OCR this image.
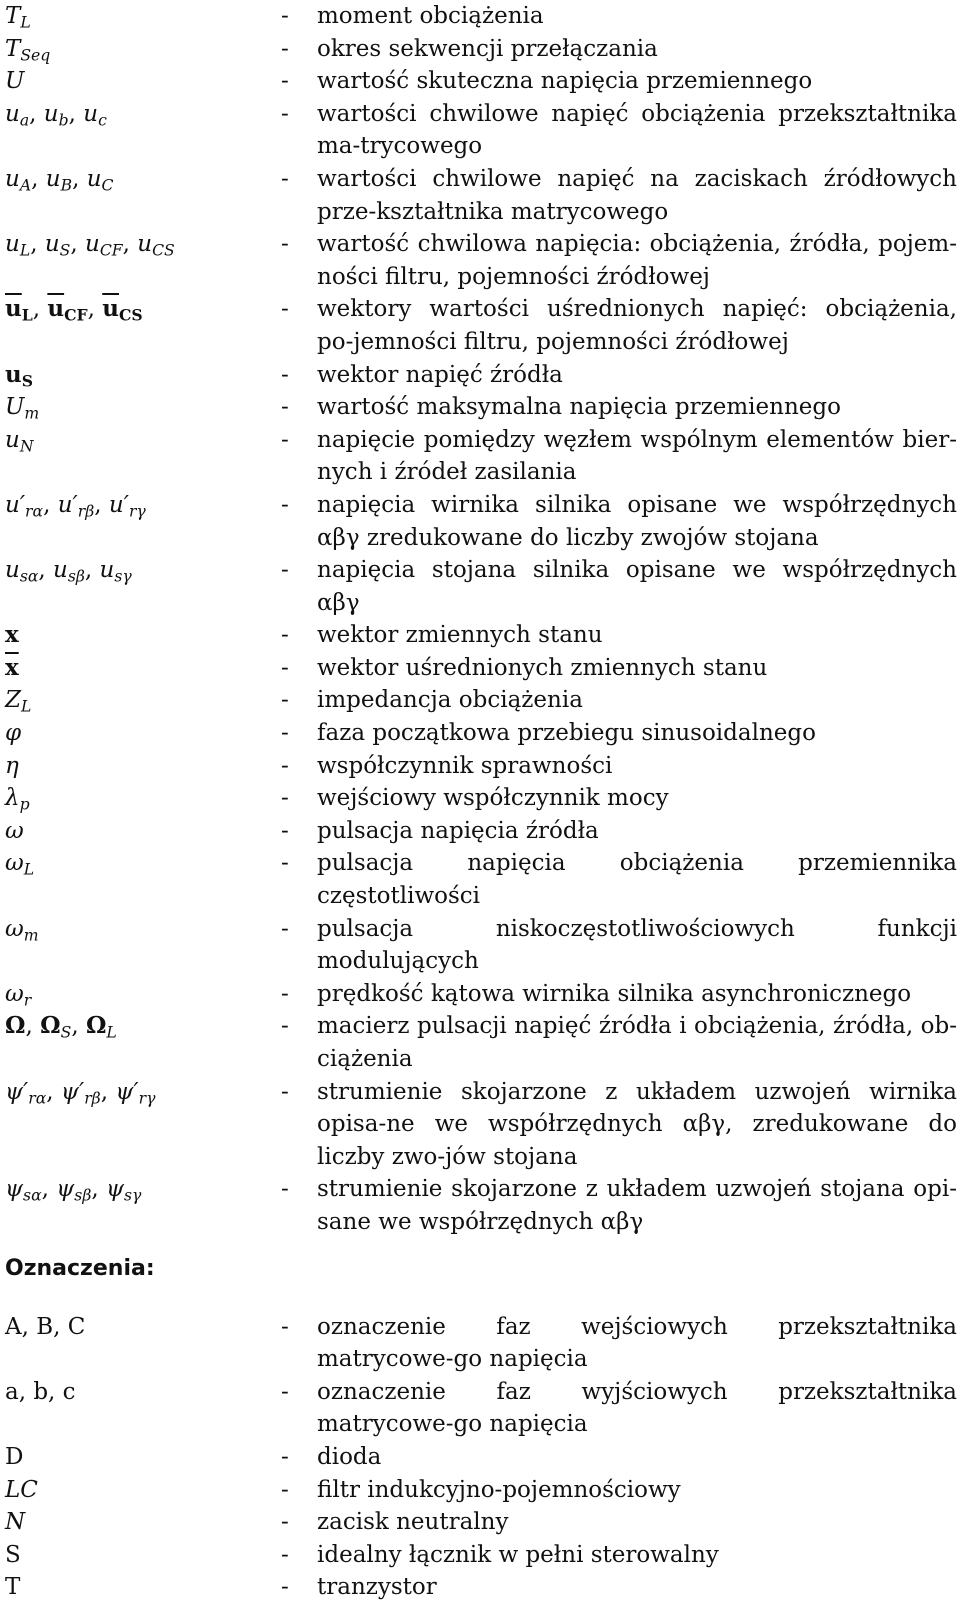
$T_L$	-	moment obciążenia
$T_{Seq}$	-	okres sekwencji przełączania
U	-	wartość skuteczna napięcia przemiennego
$u_a$, $u_b$, $u_c$	-	wartości chwilowe napięć obciążenia przekształtnika ma-trycowego
$u_A$, $u_B$, $u_C$	-	wartości chwilowe napięć na zaciskach źródłowych prze-kształtnika matrycowego
$u_L$, $u_S$, $u_{CF}$, $u_{CS}$	-	wartość chwilowa napięcia: obciążenia, źródła, pojem-ności filtru, pojemności źródłowej
$\overline{u}_L$, $\overline{u}_{CF}$, $\overline{u}_{CS}$	-	wektory wartości uśrednionych napięć: obciążenia, po-jemności filtru, pojemności źródłowej
$u_S$	-	wektor napięć źródła
$U_m$	-	wartość maksymalna napięcia przemiennego
$u_N$	-	napięcie pomiędzy węzłem wspólnym elementów bier-nych i źródeł zasilania
$u'_{r\alpha}$, $u'_{r\beta}$, $u'_{r\gamma}$	-	napięcia wirnika silnika opisane we współrzędnych αβγ zredukowane do liczby zwojów stojana
$u_{s\alpha}$, $u_{s\beta}$, $u_{s\gamma}$	-	napięcia stojana silnika opisane we współrzędnych αβγ
x	-	wektor zmiennych stanu
$\overline{x}$	-	wektor uśrednionych zmiennych stanu
$Z_L$	-	impedancja obciążenia
φ	-	faza początkowa przebiegu sinusoidalnego
η	-	współczynnik sprawności
$\lambda_p$	-	wejściowy współczynnik mocy
ω	-	pulsacja napięcia źródła
$\omega_L$	-	pulsacja napięcia obciążenia przemiennika częstotliwości
$\omega_m$	-	pulsacja niskoczęstotliwościowych funkcji modulujących
$\omega_r$	-	prędkość kątowa wirnika silnika asynchronicznego
Ω, $\Omega_S$, $\Omega_L$	-	macierz pulsacji napięć źródła i obciążenia, źródła, ob-ciążenia
$\psi'_{r\alpha}$, $\psi'_{r\beta}$, $\psi'_{r\gamma}$	-	strumienie skojarzone z układem uzwojeń wirnika opisa-ne we współrzędnych αβγ, zredukowane do liczby zwo-jów stojana
$\psi_{s\alpha}$, $\psi_{s\beta}$, $\psi_{s\gamma}$	-	strumienie skojarzone z układem uzwojeń stojana opi-sane we współrzędnych αβγ
Oznaczenia:
A, B, C	-	oznaczenie faz wejściowych przekształtnika matrycowe-go napięcia
a, b, c	-	oznaczenie faz wyjściowych przekształtnika matrycowe-go napięcia
D	-	dioda
LC	-	filtr indukcyjno-pojemnościowy
N	-	zacisk neutralny
S	-	idealny łącznik w pełni sterowalny
T	-	tranzystor
